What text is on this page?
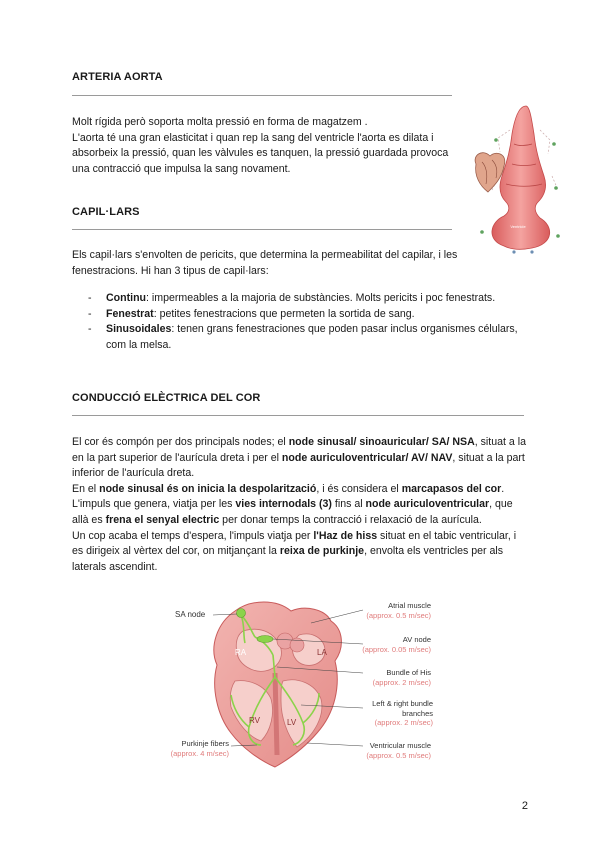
ARTERIA AORTA

Molt rígida però soporta molta pressió en forma de magatzem .

L'aorta té una gran elasticitat i quan rep la sang del ventricle l'aorta es dilata i absorbeix la pressió, quan les vàlvules es tanquen, la pressió guardada provoca una contracció que impulsa la sang novament.

Ventricle
CAPIL·LARS
Els capil·lars s'envolten de pericits, que determina la permeabilitat del capilar, i les fenestracions. Hi han 3 tipus de capil·lars:
- Continu: impermeables a la majoria de substàncies. Molts pericits i poc fenestrats.
- Fenestrat: petites fenestracions que permeten la sortida de sang.
- Sinusoidales: tenen grans fenestraciones que poden pasar inclus organismes célulars, com la melsa.
CONDUCCIÓ ELÈCTRICA DEL COR

El cor és compón per dos principals nodes; el node sinusal/ sinoauricular/ SA/ NSA, situat a la en la part superior de l'aurícula dreta i per el node auriculoventricular/ AV/ NAV, situat a la part inferior de l'aurícula dreta.

En el node sinusal és on inicia la despolarització, i és considera el marcapasos del cor.

L'impuls que genera, viatja per les vies internodals (3) fins al node auriculoventricular, que allà es frena el senyal electric per donar temps la contracció i relaxació de la aurícula.

Un cop acaba el temps d'espera, l'impuls viatja per l'Haz de hiss situat en el tabic ventricular, i es dirigeix al vèrtex del cor, on mitjançant la reixa de purkinje, envolta els ventricles per als laterals ascendint.

RA	LA
RV	LV
SA node
Purkinje fibers
(approx. 4 m/sec)
Atrial muscle
(approx. 0.5 m/sec)
AV node
(approx. 0.05 m/sec)
Bundle of His
(approx. 2 m/sec)
Left & right bundle branches
(approx. 2 m/sec)
Ventricular muscle
(approx. 0.5 m/sec)
2
